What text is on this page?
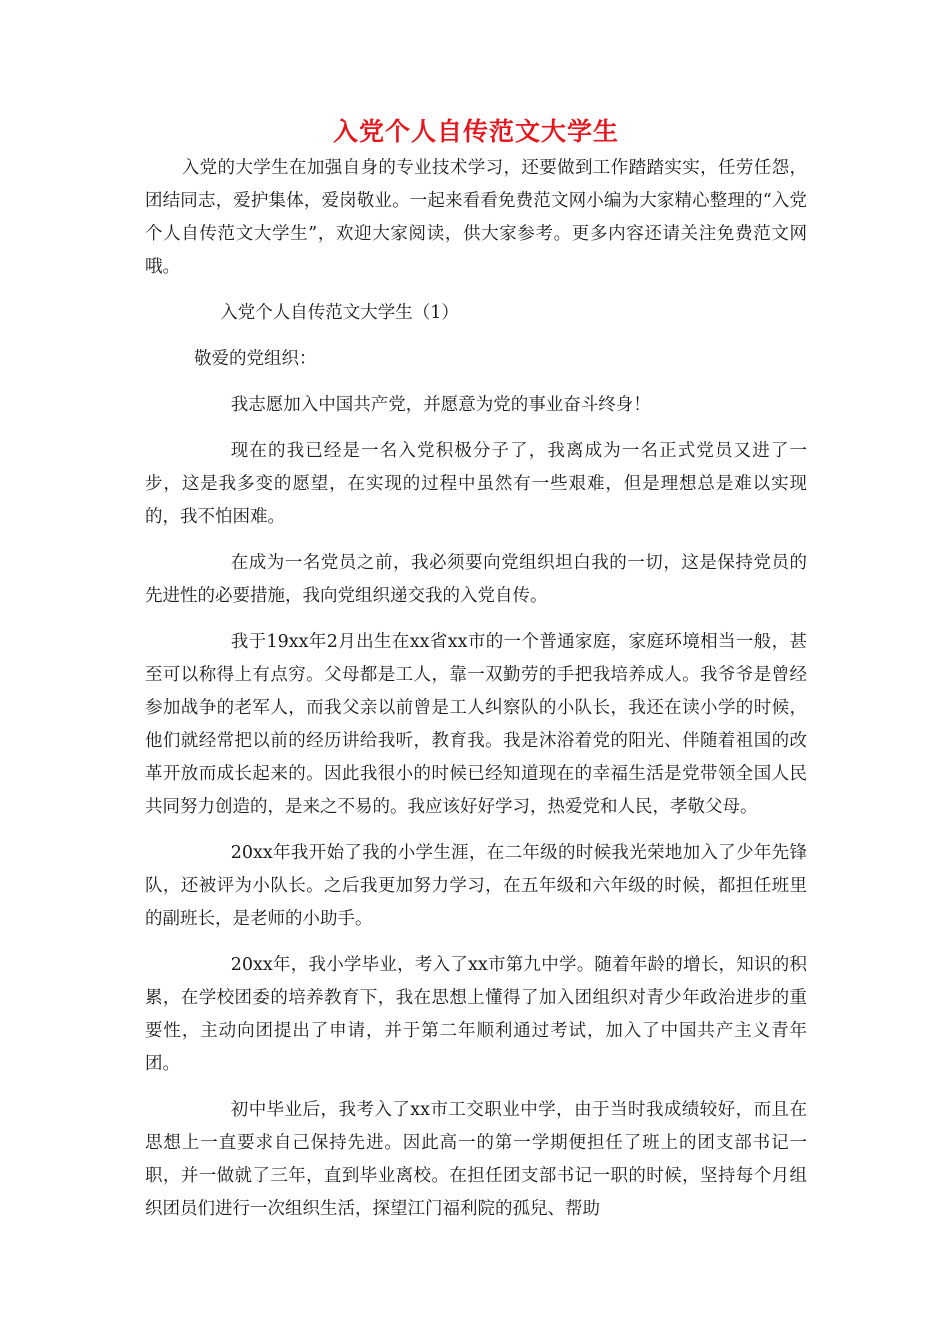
入党个人自传范文大学生

入党的大学生在加强自身的专业技术学习，还要做到工作踏踏实实，任劳任怨，团结同志，爱护集体，爱岗敬业。一起来看看免费范文网小编为大家精心整理的“入党个人自传范文大学生”，欢迎大家阅读，供大家参考。更多内容还请关注免费范文网哦。

入党个人自传范文大学生（1）

敬爱的党组织：

我志愿加入中国共产党，并愿意为党的事业奋斗终身！

现在的我已经是一名入党积极分子了，我离成为一名正式党员又进了一步，这是我多变的愿望，在实现的过程中虽然有一些艰难，但是理想总是难以实现的，我不怕困难。

在成为一名党员之前，我必须要向党组织坦白我的一切，这是保持党员的先进性的必要措施，我向党组织递交我的入党自传。

我于19xx年2月出生在xx省xx市的一个普通家庭，家庭环境相当一般，甚至可以称得上有点穷。父母都是工人，靠一双勤劳的手把我培养成人。我爷爷是曾经参加战争的老军人，而我父亲以前曾是工人纠察队的小队长，我还在读小学的时候，他们就经常把以前的经历讲给我听，教育我。我是沐浴着党的阳光、伴随着祖国的改革开放而成长起来的。因此我很小的时候已经知道现在的幸福生活是党带领全国人民共同努力创造的，是来之不易的。我应该好好学习，热爱党和人民，孝敬父母。

20xx年我开始了我的小学生涯，在二年级的时候我光荣地加入了少年先锋队，还被评为小队长。之后我更加努力学习，在五年级和六年级的时候，都担任班里的副班长，是老师的小助手。

20xx年，我小学毕业，考入了xx市第九中学。随着年龄的增长，知识的积累，在学校团委的培养教育下，我在思想上懂得了加入团组织对青少年政治进步的重要性，主动向团提出了申请，并于第二年顺利通过考试，加入了中国共产主义青年团。

初中毕业后，我考入了xx市工交职业中学，由于当时我成绩较好，而且在思想上一直要求自己保持先进。因此高一的第一学期便担任了班上的团支部书记一职，并一做就了三年，直到毕业离校。在担任团支部书记一职的时候，坚持每个月组织团员们进行一次组织生活，探望江门福利院的孤兒、帮助
